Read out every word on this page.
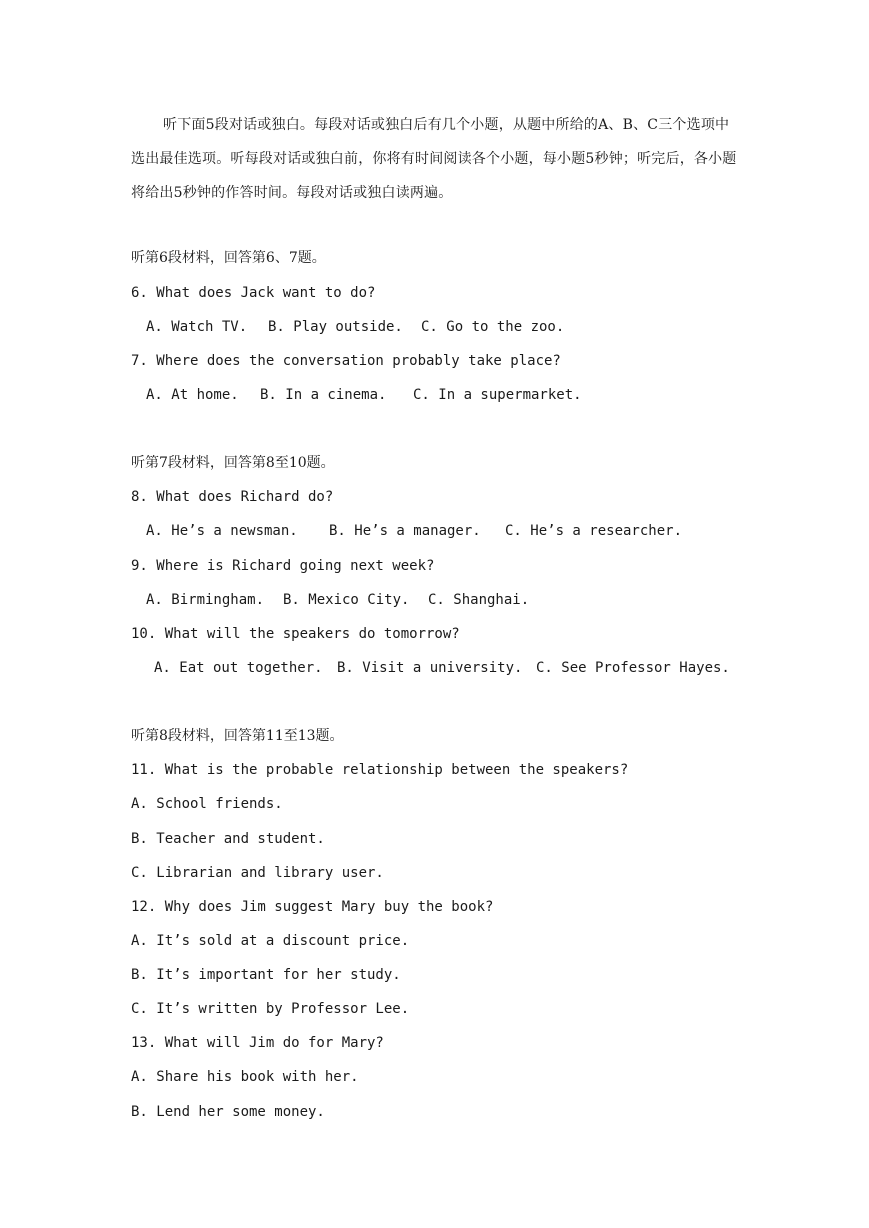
听下面5段对话或独白。每段对话或独白后有几个小题，从题中所给的A、B、C三个选项中选出最佳选项。听每段对话或独白前，你将有时间阅读各个小题，每小题5秒钟；听完后，各小题将给出5秒钟的作答时间。每段对话或独白读两遍。
听第6段材料，回答第6、7题。
6. What does Jack want to do?
A. Watch TV. B. Play outside. C. Go to the zoo.
7. Where does the conversation probably take place?
A. At home. B. In a cinema. C. In a supermarket.
听第7段材料，回答第8至10题。
8. What does Richard do?
A. He’s a newsman. B. He’s a manager. C. He’s a researcher.
9. Where is Richard going next week?
A. Birmingham. B. Mexico City. C. Shanghai.
10. What will the speakers do tomorrow?
A. Eat out together. B. Visit a university. C. See Professor Hayes.
听第8段材料，回答第11至13题。
11. What is the probable relationship between the speakers?
A. School friends.
B. Teacher and student.
C. Librarian and library user.
12. Why does Jim suggest Mary buy the book?
A. It’s sold at a discount price.
B. It’s important for her study.
C. It’s written by Professor Lee.
13. What will Jim do for Mary?
A. Share his book with her.
B. Lend her some money.
